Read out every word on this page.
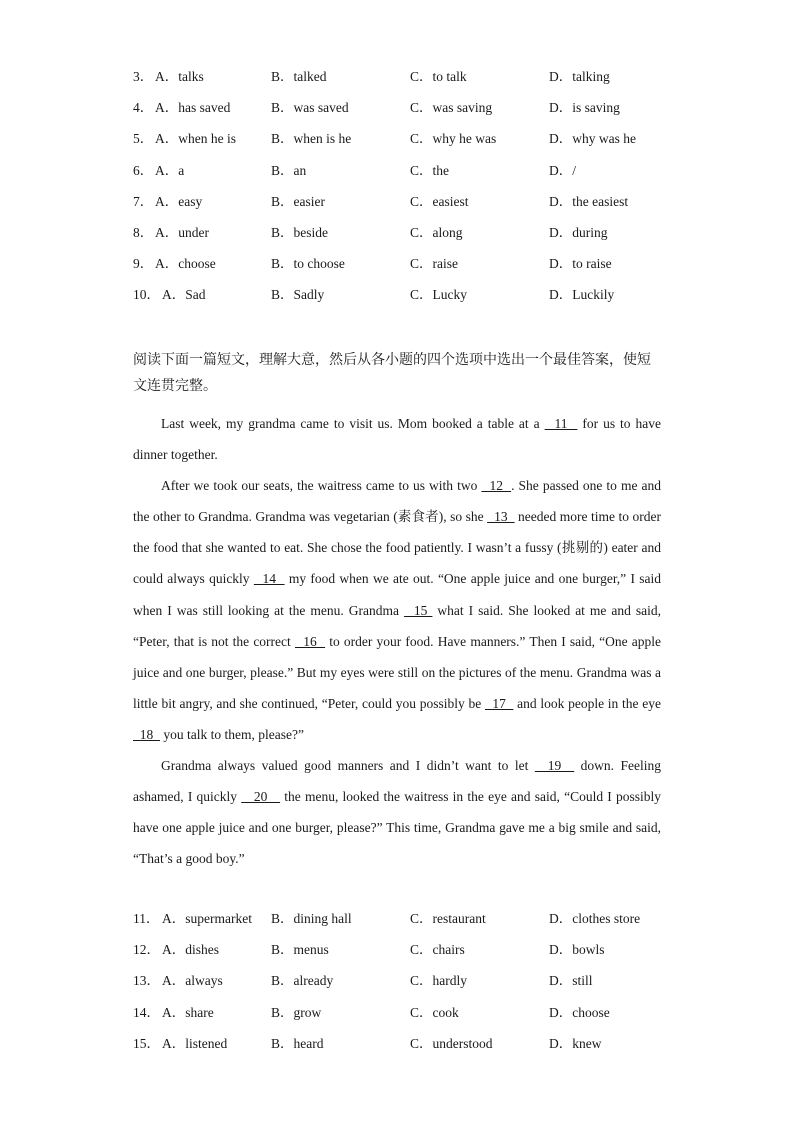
3． A．talks	B．talked	C．to talk	D．talking
4． A．has saved	B．was saved	C．was saving	D．is saving
5． A．when he is	B．when is he	C．why he was	D．why was he
6． A．a	B．an	C．the	D．/
7． A．easy	B．easier	C．easiest	D．the easiest
8． A．under	B．beside	C．along	D．during
9． A．choose	B．to choose	C．raise	D．to raise
10． A．Sad	B．Sadly	C．Lucky	D．Luckily
阅读下面一篇短文，理解大意，然后从各小题的四个选项中选出一个最佳答案，使短文连贯完整。

Last week, my grandma came to visit us. Mom booked a table at a   11   for us to have dinner together.

After we took our seats, the waitress came to us with two   12  . She passed one to me and the other to Grandma. Grandma was vegetarian (素食者), so she   13   needed more time to order the food that she wanted to eat. She chose the food patiently. I wasn’t a fussy (挑剔的) eater and could always quickly   14   my food when we ate out. “One apple juice and one burger,” I said when I was still looking at the menu. Grandma   15  what I said. She looked at me and said, “Peter, that is not the correct   16   to order your food. Have manners.” Then I said, “One apple juice and one burger, please.” But my eyes were still on the pictures of the menu. Grandma was a little bit angry, and she continued, “Peter, could you possibly be   17   and look people in the eye   18   you talk to them, please?”

Grandma always valued good manners and I didn’t want to let   19   down. Feeling ashamed, I quickly    20    the menu, looked the waitress in the eye and said, “Could I possibly have one apple juice and one burger, please?” This time, Grandma gave me a big smile and said, “That’s a good boy.”

11． A．supermarket B．dining hall	C．restaurant	D．clothes store
12． A．dishes	B．menus	C．chairs	D．bowls
13． A．always	B．already	C．hardly	D．still
14． A．share	B．grow	C．cook	D．choose
15． A．listened	B．heard	C．understood	D．knew
